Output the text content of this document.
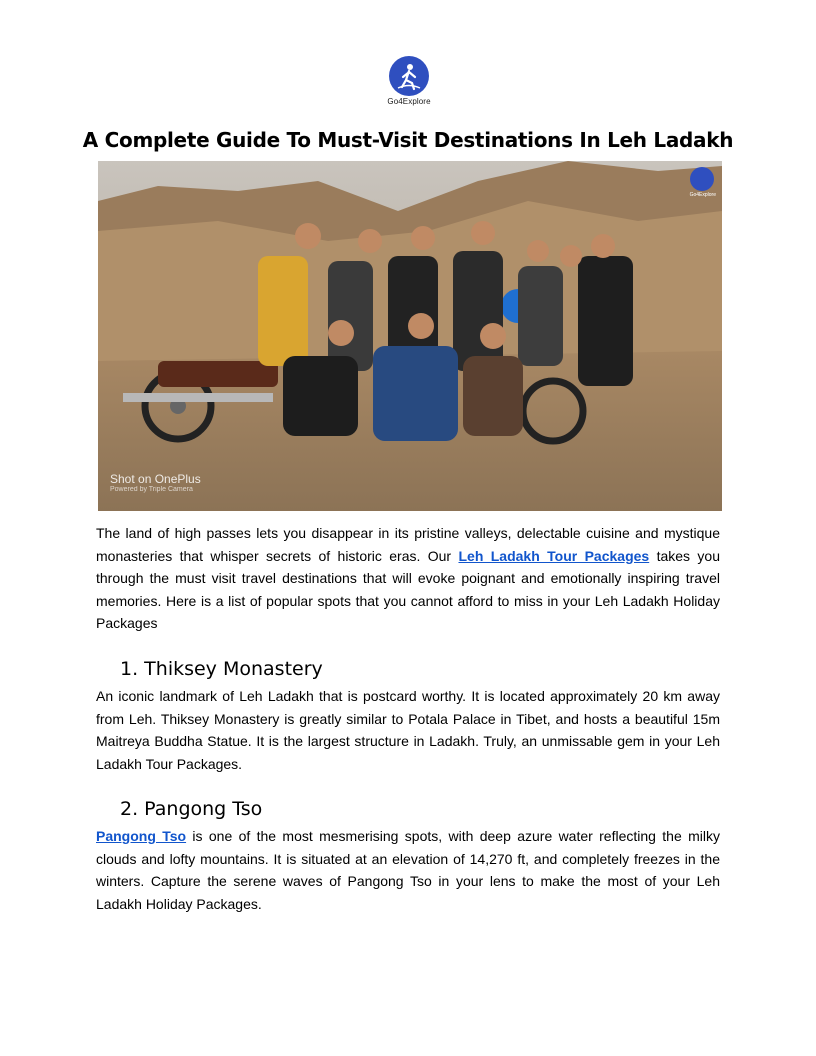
Go4Explore
A Complete Guide To Must-Visit Destinations In Leh Ladakh
Go4Explore
Shot on OnePlus
Powered by Triple Camera

The land of high passes lets you disappear in its pristine valleys, delectable cuisine and mystique monasteries that whisper secrets of historic eras. Our Leh Ladakh Tour Packages takes you through the must visit travel destinations that will evoke poignant and emotionally inspiring travel memories. Here is a list of popular spots that you cannot afford to miss in your Leh Ladakh Holiday Packages

1. Thiksey Monastery

An iconic landmark of Leh Ladakh that is postcard worthy. It is located approximately 20 km away from Leh. Thiksey Monastery is greatly similar to Potala Palace in Tibet, and hosts a beautiful 15m Maitreya Buddha Statue. It is the largest structure in Ladakh. Truly, an unmissable gem in your Leh Ladakh Tour Packages.

2. Pangong Tso

Pangong Tso is one of the most mesmerising spots, with deep azure water reflecting the milky clouds and lofty mountains. It is situated at an elevation of 14,270 ft, and completely freezes in the winters. Capture the serene waves of Pangong Tso in your lens to make the most of your Leh Ladakh Holiday Packages.
